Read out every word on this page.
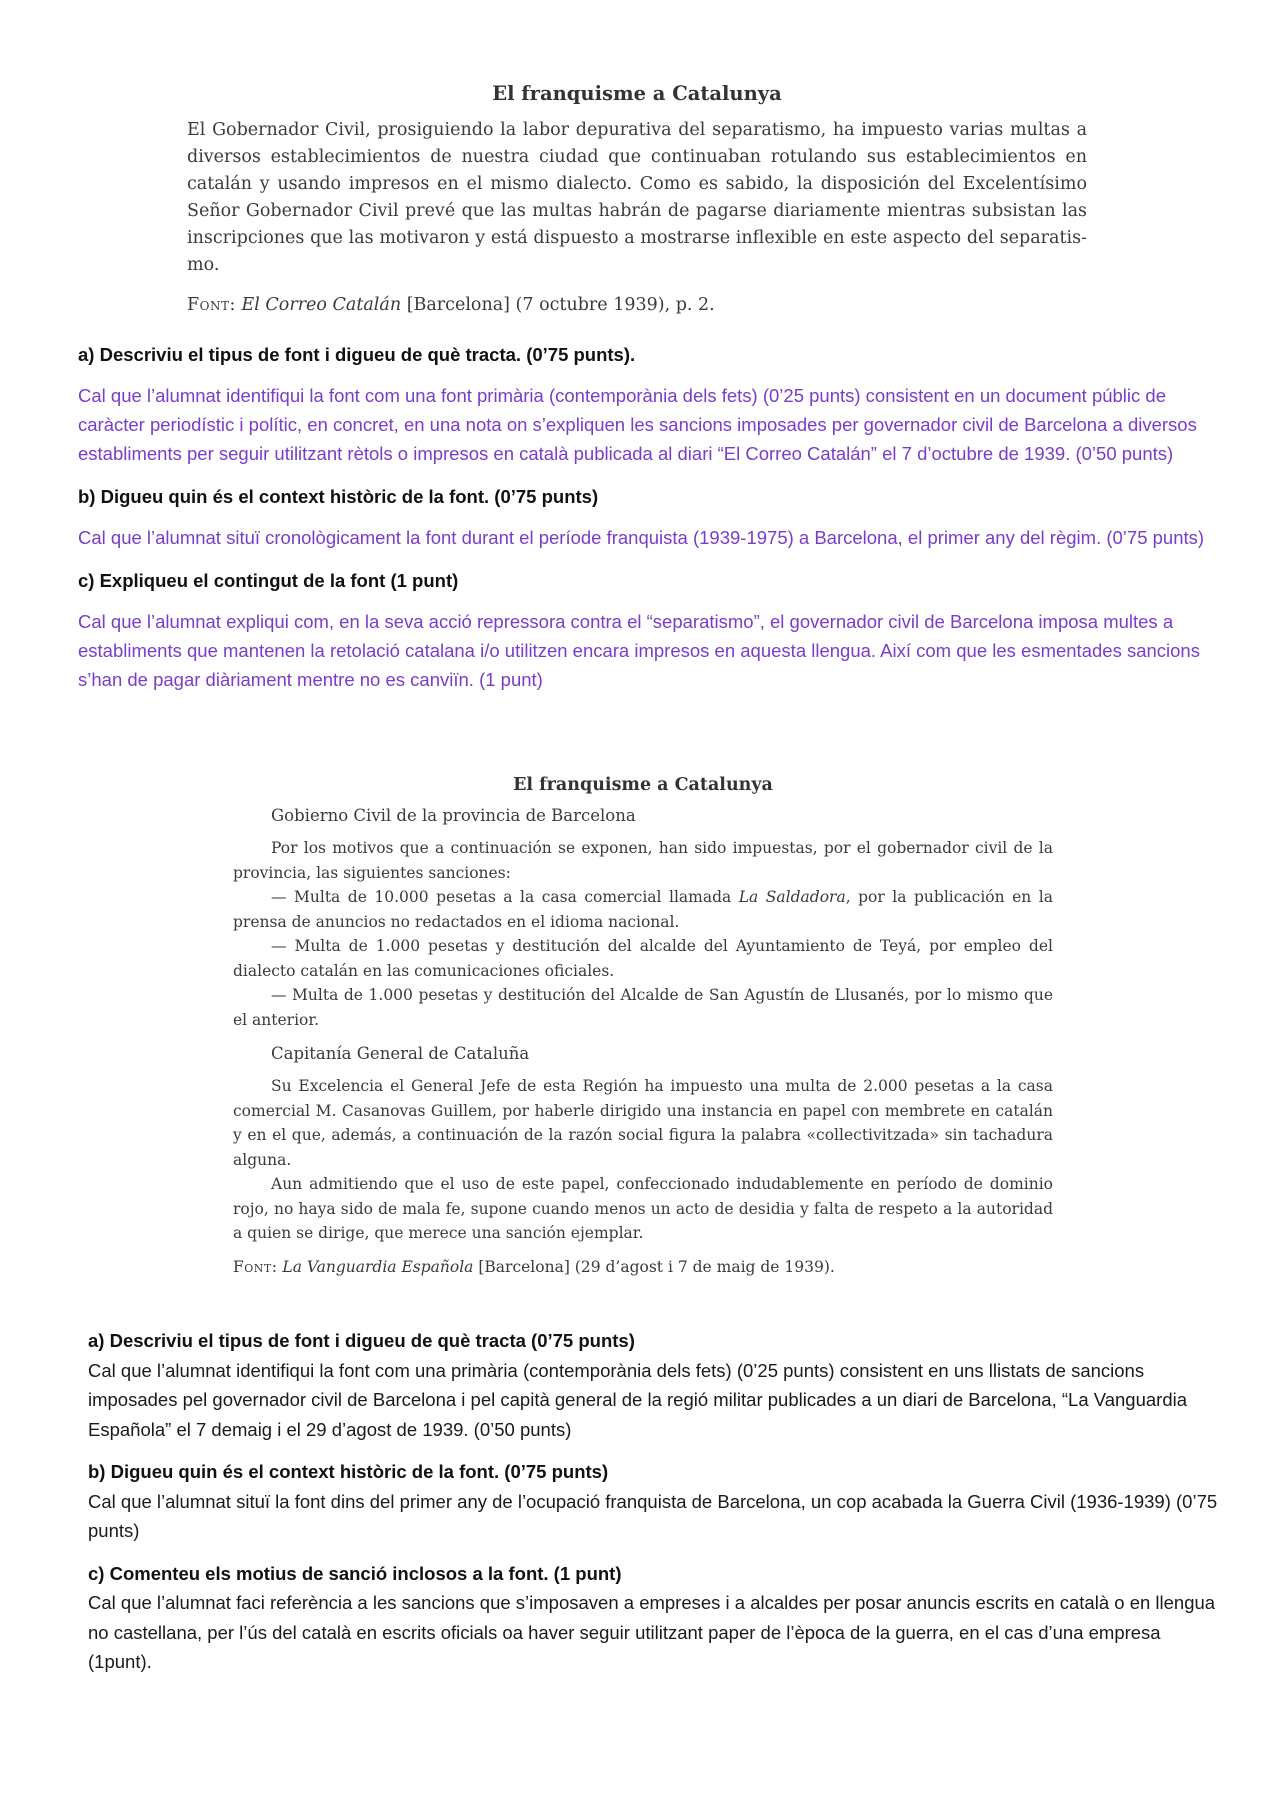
El franquisme a Catalunya

El Gobernador Civil, prosiguiendo la labor depurativa del separatismo, ha impuesto varias multas a diversos establecimientos de nuestra ciudad que continuaban rotulando sus establecimientos en catalán y usando impresos en el mismo dialecto. Como es sabido, la disposición del Excelentísimo Señor Gobernador Civil prevé que las multas habrán de pagarse diariamente mientras subsistan las inscripciones que las motivaron y está dispuesto a mostrarse inflexible en este aspecto del separatis-mo.

Font: El Correo Catalán [Barcelona] (7 octubre 1939), p. 2.

a) Descriviu el tipus de font i digueu de què tracta. (0’75 punts).

Cal que l’alumnat identifiqui la font com una font primària (contemporània dels fets) (0’25 punts) consistent en un document públic de caràcter periodístic i polític, en concret, en una nota on s’expliquen les sancions imposades per governador civil de Barcelona a diversos establiments per seguir utilitzant rètols o impresos en català publicada al diari “El Correo Catalán” el 7 d’octubre de 1939. (0’50 punts)

b) Digueu quin és el context històric de la font. (0’75 punts)

Cal que l’alumnat situï cronològicament la font durant el període franquista (1939-1975) a Barcelona, el primer any del règim. (0’75 punts)

c) Expliqueu el contingut de la font (1 punt)

Cal que l’alumnat expliqui com, en la seva acció repressora contra el “separatismo”, el governador civil de Barcelona imposa multes a establiments que mantenen la retolació catalana i/o utilitzen encara impresos en aquesta llengua. Així com que les esmentades sancions s’han de pagar diàriament mentre no es canviïn. (1 punt)

El franquisme a Catalunya
Gobierno Civil de la provincia de Barcelona

Por los motivos que a continuación se exponen, han sido impuestas, por el gobernador civil de la provincia, las siguientes sanciones:

— Multa de 10.000 pesetas a la casa comercial llamada La Saldadora, por la publicación en la prensa de anuncios no redactados en el idioma nacional.

— Multa de 1.000 pesetas y destitución del alcalde del Ayuntamiento de Teyá, por empleo del dialecto catalán en las comunicaciones oficiales.

— Multa de 1.000 pesetas y destitución del Alcalde de San Agustín de Llusanés, por lo mismo que el anterior.

Capitanía General de Cataluña

Su Excelencia el General Jefe de esta Región ha impuesto una multa de 2.000 pesetas a la casa comercial M. Casanovas Guillem, por haberle dirigido una instancia en papel con membrete en catalán y en el que, además, a continuación de la razón social figura la palabra «collectivitzada» sin tachadura alguna.

Aun admitiendo que el uso de este papel, confeccionado indudablemente en período de dominio rojo, no haya sido de mala fe, supone cuando menos un acto de desidia y falta de respeto a la autoridad a quien se dirige, que merece una sanción ejemplar.

Font: La Vanguardia Española [Barcelona] (29 d’agost i 7 de maig de 1939).

a) Descriviu el tipus de font i digueu de què tracta (0’75 punts)

Cal que l’alumnat identifiqui la font com una primària (contemporània dels fets) (0’25 punts) consistent en uns llistats de sancions imposades pel governador civil de Barcelona i pel capità general de la regió militar publicades a un diari de Barcelona, “La Vanguardia Española” el 7 demaig i el 29 d’agost de 1939. (0’50 punts)

b) Digueu quin és el context històric de la font. (0’75 punts)

Cal que l’alumnat situï la font dins del primer any de l’ocupació franquista de Barcelona, un cop acabada la Guerra Civil (1936-1939) (0’75 punts)

c) Comenteu els motius de sanció inclosos a la font. (1 punt)

Cal que l’alumnat faci referència a les sancions que s’imposaven a empreses i a alcaldes per posar anuncis escrits en català o en llengua no castellana, per l’ús del català en escrits oficials oa haver seguir utilitzant paper de l’època de la guerra, en el cas d’una empresa (1punt).
